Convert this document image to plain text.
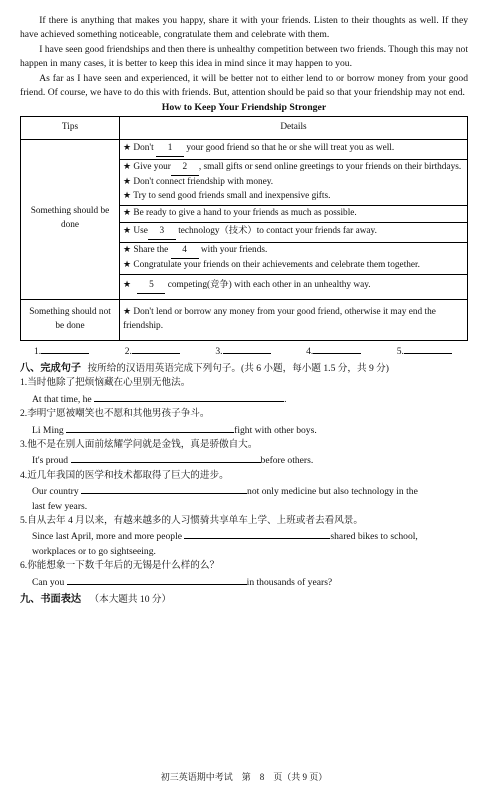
If there is anything that makes you happy, share it with your friends. Listen to their thoughts as well. If they have achieved something noticeable, congratulate them and celebrate with them.

I have seen good friendships and then there is unhealthy competition between two friends. Though this may not happen in many cases, it is better to keep this idea in mind since it may happen to you.

As far as I have seen and experienced, it will be better not to either lend to or borrow money from your good friend. Of course, we have to do this with friends. But, attention should be paid so that your friendship may not end.

How to Keep Your Friendship Stronger
Tips	Details
Something should be done	★ Don't 1 your good friend so that he or she will treat you as well.

	★ Give your 2 , small gifts or send online greetings to your friends on their birthdays.
★ Don't connect friendship with money.
★ Try to send good friends small and inexpensive gifts.

	★ Be ready to give a hand to your friends as much as possible.
	★ Use 3 technology（技术）to contact your friends far away.

	★ Share the 4 with your friends.
★ Congratulate your friends on their achievements and celebrate them together.

	★ 5 competing(竞争) with each other in an unhealthy way.
Something should not be done	★ Don't lend or borrow any money from your good friend, otherwise it may end the friendship.
1.	2.	3.	4.	5.
八、完成句子 按所给的汉语用英语完成下列句子。(共 6 小题，每小题 1.5 分，共 9 分)

1.当时他除了把烦恼藏在心里别无他法。

At that time, he	.

2.李明宁愿被嘲笑也不愿和其他男孩子争斗。

Li Ming	fight with other boys.

3.他不是在别人面前炫耀学问就是金钱，真是骄傲自大。

It's proud	before others.

4.近几年我国的医学和技术都取得了巨大的进步。

Our country	not only medicine but also technology in the
last few years.

5.自从去年 4 月以来，有越来越多的人习惯骑共享单车上学、上班或者去看风景。

Since last April, more and more people	shared bikes to school,
workplaces or to go sightseeing.

6.你能想象一下数千年后的无锡是什么样的么？

Can you	in thousands of years?

九、书面表达 （本大题共 10 分）
初三英语期中考试　第　8　页（共 9 页）
